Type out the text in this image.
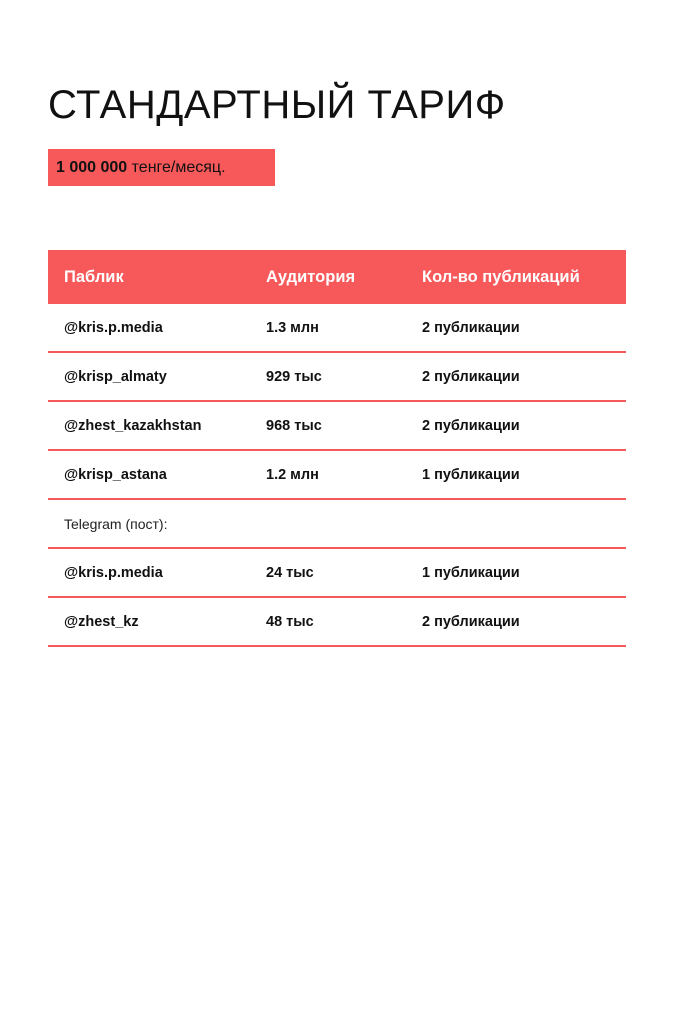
СТАНДАРТНЫЙ ТАРИФ
1 000 000 тенге/месяц.
Паблик	Аудитория	Кол-во публикаций
@kris.p.media	1.3 млн	2 публикации
@krisp_almaty	929 тыс	2 публикации
@zhest_kazakhstan	968 тыс	2 публикации
@krisp_astana	1.2 млн	1 публикации
Telegram (пост):
@kris.p.media	24 тыс	1 публикации
@zhest_kz	48 тыс	2 публикации
